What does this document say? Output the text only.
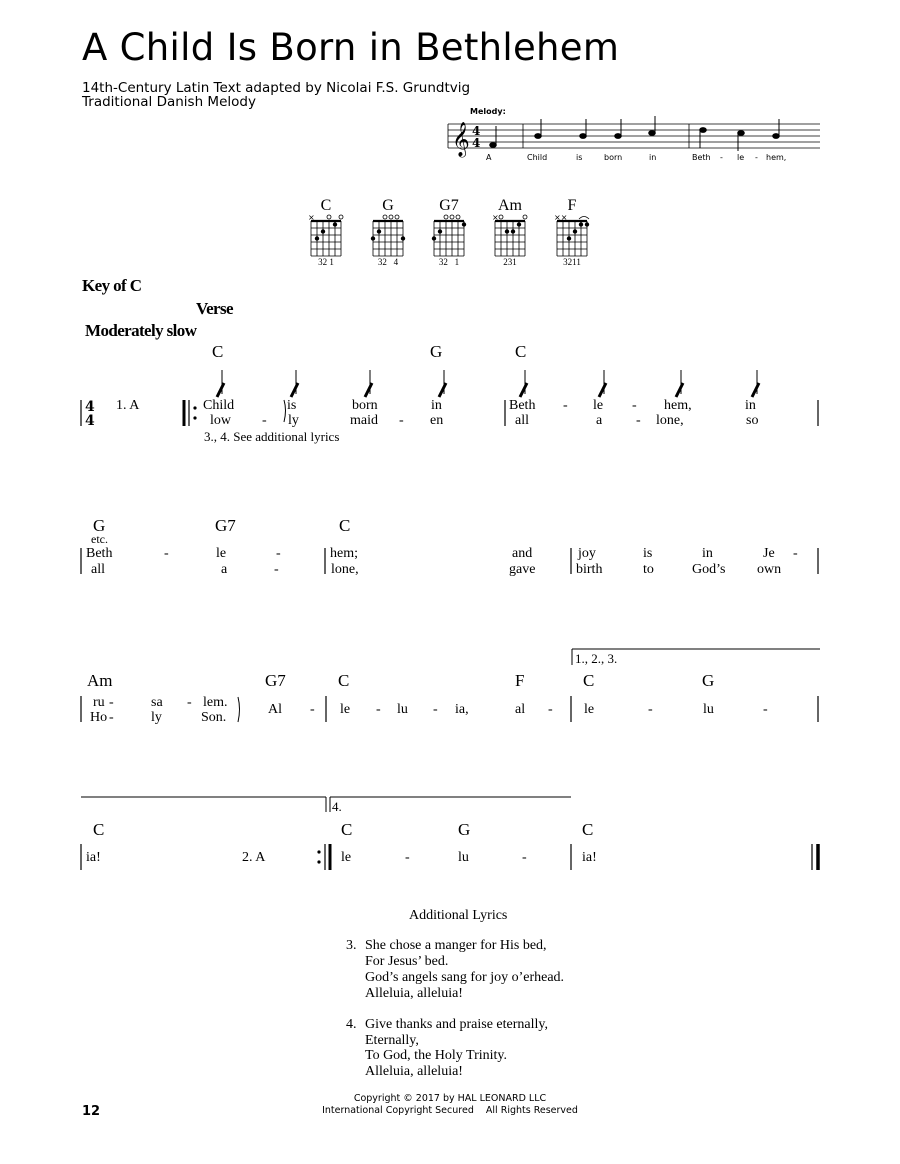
A Child Is Born in Bethlehem
14th-Century Latin Text adapted by Nicolai F.S. Grundtvig
Traditional Danish Melody
Melody:
𝄞 4
4
A	Child	is	born	in	Beth - le - hem,
C
×
32 1
G
32   4
G7
32   1
Am
×
231
F
××
3211
Key of C
Verse
Moderately slow
C	G	C
4
4
1. A	Child	is	born	in	Beth - le - hem,	in
low - ly	maid - en	all	a - lone,	so
3., 4. See additional lyrics
G	G7	C
etc.
Beth	-	le	-	hem;	and	joy	is	in	Je -
all	a	-	lone,	gave	birth	to	God’s own
1., 2., 3.
Am	G7	C	F	C	G
ru -	sa - lem.
Ho -	ly	Son.
Al - le - lu - ia,	al - le	-	lu	-
4.
C	C	G	C
ia!	2. A	le	-	lu	-	ia!
Additional Lyrics
3. She chose a manger for His bed,
For Jesus’ bed.
God’s angels sang for joy o’erhead.
Alleluia, alleluia!
4. Give thanks and praise eternally,
Eternally,
To God, the Holy Trinity.
Alleluia, alleluia!
12
Copyright © 2017 by HAL LEONARD LLC
International Copyright Secured    All Rights Reserved
